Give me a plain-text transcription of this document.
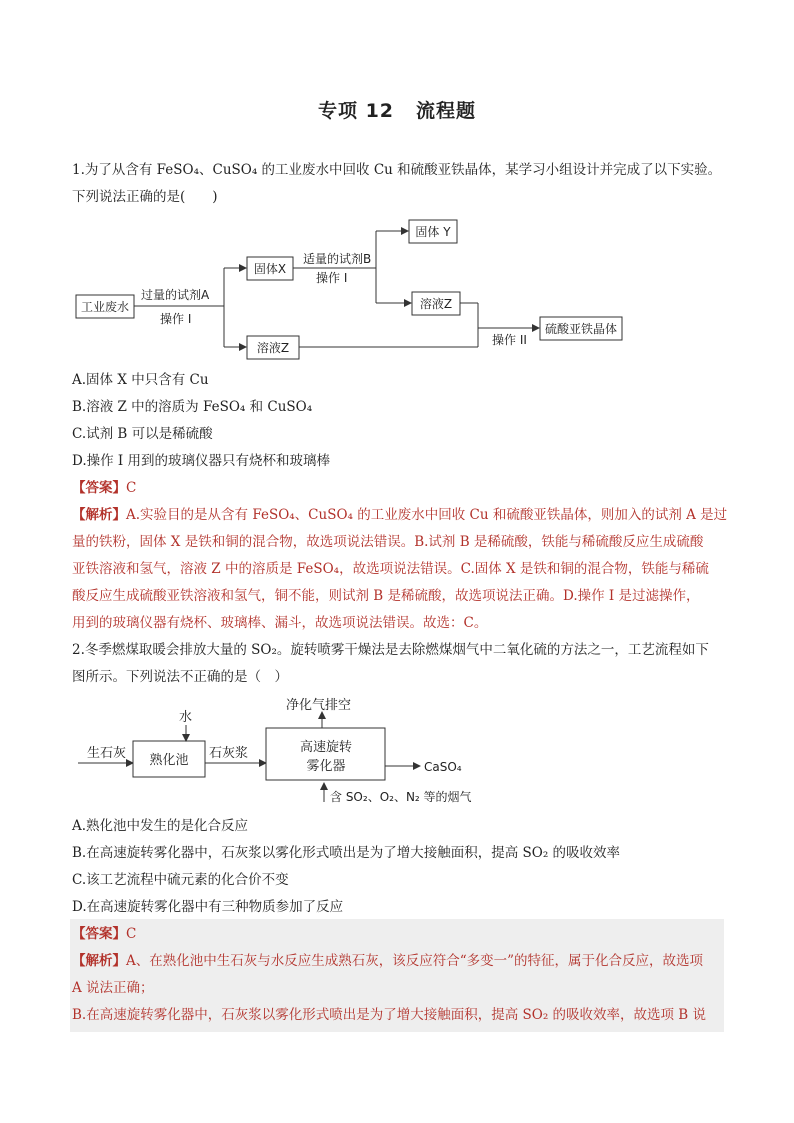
专项 12 流程题
1.为了从含有 FeSO₄、CuSO₄ 的工业废水中回收 Cu 和硫酸亚铁晶体，某学习小组设计并完成了以下实验。
下列说法正确的是(　　)
工业废水
固体X
溶液Z
固体 Y
溶液Z
硫酸亚铁晶体
过量的试剂A
操作 I
适量的试剂B
操作 I
操作 II
A.固体 X 中只含有 Cu
B.溶液 Z 中的溶质为 FeSO₄ 和 CuSO₄
C.试剂 B 可以是稀硫酸
D.操作 I 用到的玻璃仪器只有烧杯和玻璃棒
【答案】C
【解析】A.实验目的是从含有 FeSO₄、CuSO₄ 的工业废水中回收 Cu 和硫酸亚铁晶体，则加入的试剂 A 是过
量的铁粉，固体 X 是铁和铜的混合物，故选项说法错误。B.试剂 B 是稀硫酸，铁能与稀硫酸反应生成硫酸
亚铁溶液和氢气，溶液 Z 中的溶质是 FeSO₄，故选项说法错误。C.固体 X 是铁和铜的混合物，铁能与稀硫
酸反应生成硫酸亚铁溶液和氢气，铜不能，则试剂 B 是稀硫酸，故选项说法正确。D.操作 I 是过滤操作，
用到的玻璃仪器有烧杯、玻璃棒、漏斗，故选项说法错误。故选：C。
2.冬季燃煤取暖会排放大量的 SO₂。旋转喷雾干燥法是去除燃煤烟气中二氧化硫的方法之一，工艺流程如下
图所示。下列说法不正确的是（　）
生石灰 熟化池
水
石灰浆	高速旋转
雾化器
净化气排空
CaSO₄
含 SO₂、O₂、N₂ 等的烟气
A.熟化池中发生的是化合反应
B.在高速旋转雾化器中，石灰浆以雾化形式喷出是为了增大接触面积，提高 SO₂ 的吸收效率
C.该工艺流程中硫元素的化合价不变
D.在高速旋转雾化器中有三种物质参加了反应
【答案】C
【解析】A、在熟化池中生石灰与水反应生成熟石灰，该反应符合“多变一”的特征，属于化合反应，故选项
A 说法正确；
B.在高速旋转雾化器中，石灰浆以雾化形式喷出是为了增大接触面积，提高 SO₂ 的吸收效率，故选项 B 说
